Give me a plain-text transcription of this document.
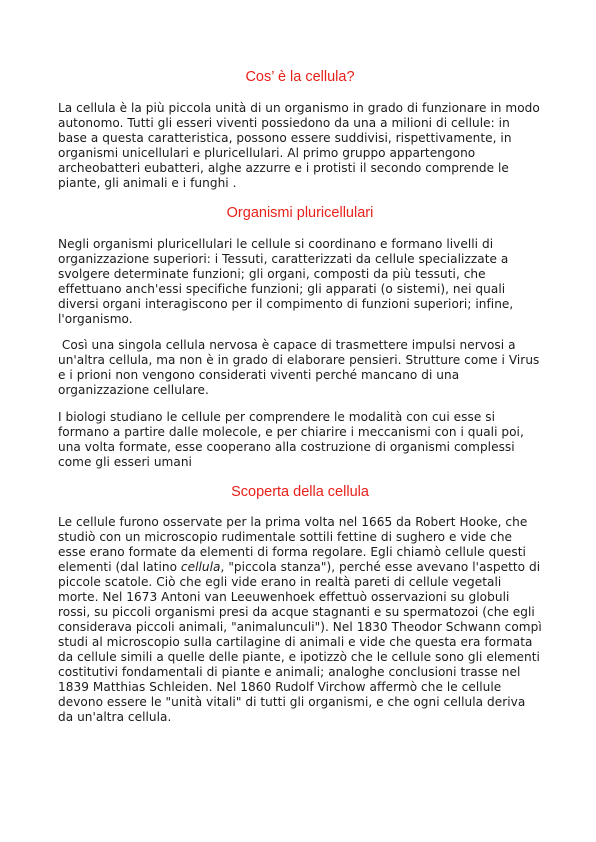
Cos’ è la cellula?

La cellula è la più piccola unità di un organismo in grado di funzionare in modo autonomo. Tutti gli esseri viventi possiedono da una a milioni di cellule: in base a questa caratteristica, possono essere suddivisi, rispettivamente, in organismi unicellulari e pluricellulari. Al primo gruppo appartengono archeobatteri eubatteri, alghe azzurre e i protisti il secondo comprende le piante, gli animali e i funghi .

Organismi pluricellulari

Negli organismi pluricellulari le cellule si coordinano e formano livelli di organizzazione superiori: i Tessuti, caratterizzati da cellule specializzate a svolgere determinate funzioni; gli organi, composti da più tessuti, che effettuano anch'essi specifiche funzioni; gli apparati (o sistemi), nei quali diversi organi interagiscono per il compimento di funzioni superiori; infine, l'organismo.

Così una singola cellula nervosa è capace di trasmettere impulsi nervosi a un'altra cellula, ma non è in grado di elaborare pensieri. Strutture come i Virus e i prioni non vengono considerati viventi perché mancano di una organizzazione cellulare.

I biologi studiano le cellule per comprendere le modalità con cui esse si formano a partire dalle molecole, e per chiarire i meccanismi con i quali poi, una volta formate, esse cooperano alla costruzione di organismi complessi come gli esseri umani

Scoperta della cellula

Le cellule furono osservate per la prima volta nel 1665 da Robert Hooke, che studiò con un microscopio rudimentale sottili fettine di sughero e vide che esse erano formate da elementi di forma regolare. Egli chiamò cellule questi elementi (dal latino cellula, "piccola stanza"), perché esse avevano l'aspetto di piccole scatole. Ciò che egli vide erano in realtà pareti di cellule vegetali morte. Nel 1673 Antoni van Leeuwenhoek effettuò osservazioni su globuli rossi, su piccoli organismi presi da acque stagnanti e su spermatozoi (che egli considerava piccoli animali, "animalunculi"). Nel 1830 Theodor Schwann compì studi al microscopio sulla cartilagine di animali e vide che questa era formata da cellule simili a quelle delle piante, e ipotizzò che le cellule sono gli elementi costitutivi fondamentali di piante e animali; analoghe conclusioni trasse nel 1839 Matthias Schleiden. Nel 1860 Rudolf Virchow affermò che le cellule devono essere le "unità vitali" di tutti gli organismi, e che ogni cellula deriva da un'altra cellula.
